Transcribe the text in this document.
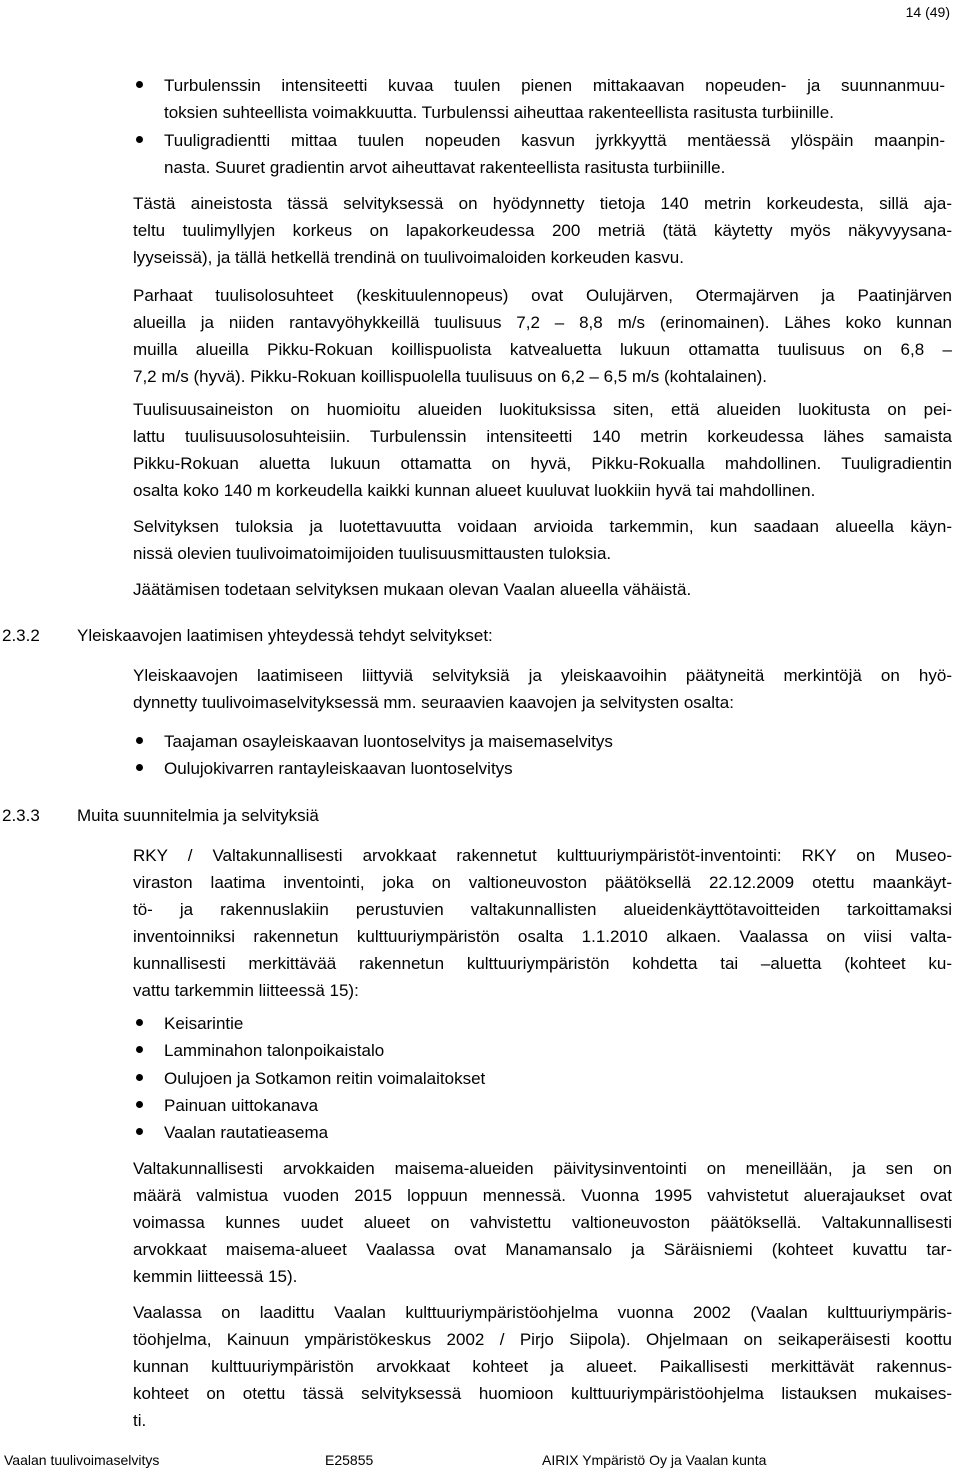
14 (49)
Turbulenssin intensiteetti kuvaa tuulen pienen mittakaavan nopeuden- ja suunnanmuu-
toksien suhteellista voimakkuutta. Turbulenssi aiheuttaa rakenteellista rasitusta turbiinille.
Tuuligradientti mittaa tuulen nopeuden kasvun jyrkkyyttä mentäessä ylöspäin maanpin-
nasta. Suuret gradientin arvot aiheuttavat rakenteellista rasitusta turbiinille.
Tästä aineistosta tässä selvityksessä on hyödynnetty tietoja 140 metrin korkeudesta, sillä aja-
teltu tuulimyllyjen korkeus on lapakorkeudessa 200 metriä (tätä käytetty myös näkyvyysana-
lyyseissä), ja tällä hetkellä trendinä on tuulivoimaloiden korkeuden kasvu.
Parhaat tuulisolosuhteet (keskituulennopeus) ovat Oulujärven, Otermajärven ja Paatinjärven
alueilla ja niiden rantavyöhykkeillä tuulisuus 7,2 – 8,8 m/s (erinomainen). Lähes koko kunnan
muilla alueilla Pikku-Rokuan koillispuolista katvealuetta lukuun ottamatta tuulisuus on 6,8 –
7,2 m/s (hyvä). Pikku-Rokuan koillispuolella tuulisuus on 6,2 – 6,5 m/s (kohtalainen).
Tuulisuusaineiston on huomioitu alueiden luokituksissa siten, että alueiden luokitusta on pei-
lattu tuulisuusolosuhteisiin. Turbulenssin intensiteetti 140 metrin korkeudessa lähes samaista
Pikku-Rokuan aluetta lukuun ottamatta on hyvä, Pikku-Rokualla mahdollinen. Tuuligradientin
osalta koko 140 m korkeudella kaikki kunnan alueet kuuluvat luokkiin hyvä tai mahdollinen.
Selvityksen tuloksia ja luotettavuutta voidaan arvioida tarkemmin, kun saadaan alueella käyn-
nissä olevien tuulivoimatoimijoiden tuulisuusmittausten tuloksia.
Jäätämisen todetaan selvityksen mukaan olevan Vaalan alueella vähäistä.
2.3.2 Yleiskaavojen laatimisen yhteydessä tehdyt selvitykset:
Yleiskaavojen laatimiseen liittyviä selvityksiä ja yleiskaavoihin päätyneitä merkintöjä on hyö-
dynnetty tuulivoimaselvityksessä mm. seuraavien kaavojen ja selvitysten osalta:
Taajaman osayleiskaavan luontoselvitys ja maisemaselvitys
Oulujokivarren rantayleiskaavan luontoselvitys
2.3.3 Muita suunnitelmia ja selvityksiä
RKY / Valtakunnallisesti arvokkaat rakennetut kulttuuriympäristöt-inventointi: RKY on Museo-
viraston laatima inventointi, joka on valtioneuvoston päätöksellä 22.12.2009 otettu maankäyt-
tö- ja rakennuslakiin perustuvien valtakunnallisten alueidenkäyttötavoitteiden tarkoittamaksi
inventoinniksi rakennetun kulttuuriympäristön osalta 1.1.2010 alkaen. Vaalassa on viisi valta-
kunnallisesti merkittävää rakennetun kulttuuriympäristön kohdetta tai –aluetta (kohteet ku-
vattu tarkemmin liitteessä 15):
Keisarintie
Lamminahon talonpoikaistalo
Oulujoen ja Sotkamon reitin voimalaitokset
Painuan uittokanava
Vaalan rautatieasema
Valtakunnallisesti arvokkaiden maisema-alueiden päivitysinventointi on meneillään, ja sen on
määrä valmistua vuoden 2015 loppuun mennessä. Vuonna 1995 vahvistetut aluerajaukset ovat
voimassa kunnes uudet alueet on vahvistettu valtioneuvoston päätöksellä. Valtakunnallisesti
arvokkaat maisema-alueet Vaalassa ovat Manamansalo ja Säräisniemi (kohteet kuvattu tar-
kemmin liitteessä 15).
Vaalassa on laadittu Vaalan kulttuuriympäristöohjelma vuonna 2002 (Vaalan kulttuuriympäris-
töohjelma, Kainuun ympäristökeskus 2002 / Pirjo Siipola). Ohjelmaan on seikaperäisesti koottu
kunnan kulttuuriympäristön arvokkaat kohteet ja alueet. Paikallisesti merkittävät rakennus-
kohteet on otettu tässä selvityksessä huomioon kulttuuriympäristöohjelma listauksen mukaises-
ti.
Vaalan tuulivoimaselvitys	E25855	AIRIX Ympäristö Oy ja Vaalan kunta
